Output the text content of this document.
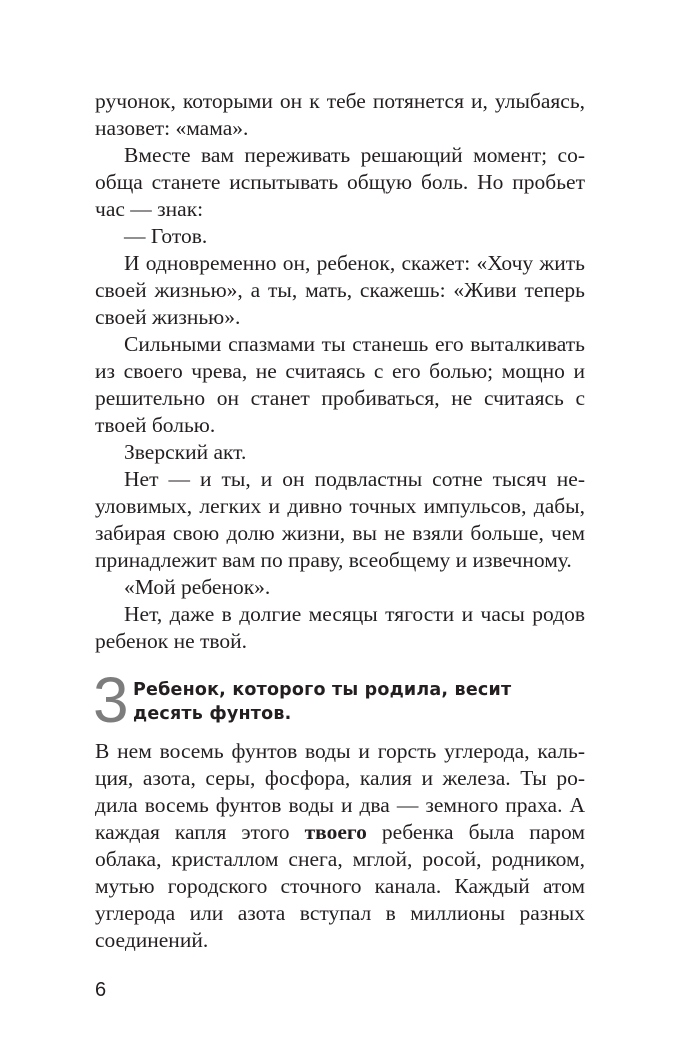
ручонок, которыми он к тебе потянется и, улыбаясь, назовет: «мама».

Вместе вам переживать решающий момент; сообща станете испытывать общую боль. Но пробьет час — знак:

— Готов.

И одновременно он, ребенок, скажет: «Хочу жить своей жизнью», а ты, мать, скажешь: «Живи теперь своей жизнью».

Сильными спазмами ты станешь его выталкивать из своего чрева, не считаясь с его болью; мощно и решительно он станет пробиваться, не считаясь с твоей болью.

Зверский акт.

Нет — и ты, и он подвластны сотне тысяч неуловимых, легких и дивно точных импульсов, дабы, забирая свою долю жизни, вы не взяли больше, чем принадлежит вам по праву, всеобщему и извечному.

«Мой ребенок».

Нет, даже в долгие месяцы тягости и часы родов ребенок не твой.

3 Ребенок, которого ты родила, весит десять фунтов.

В нем восемь фунтов воды и горсть углерода, кальция, азота, серы, фосфора, калия и железа. Ты родила восемь фунтов воды и два — земного праха. А каждая капля этого твоего ребенка была паром облака, кристаллом снега, мглой, росой, родником, мутью городского сточного канала. Каждый атом углерода или азота вступал в миллионы разных соединений.

6
